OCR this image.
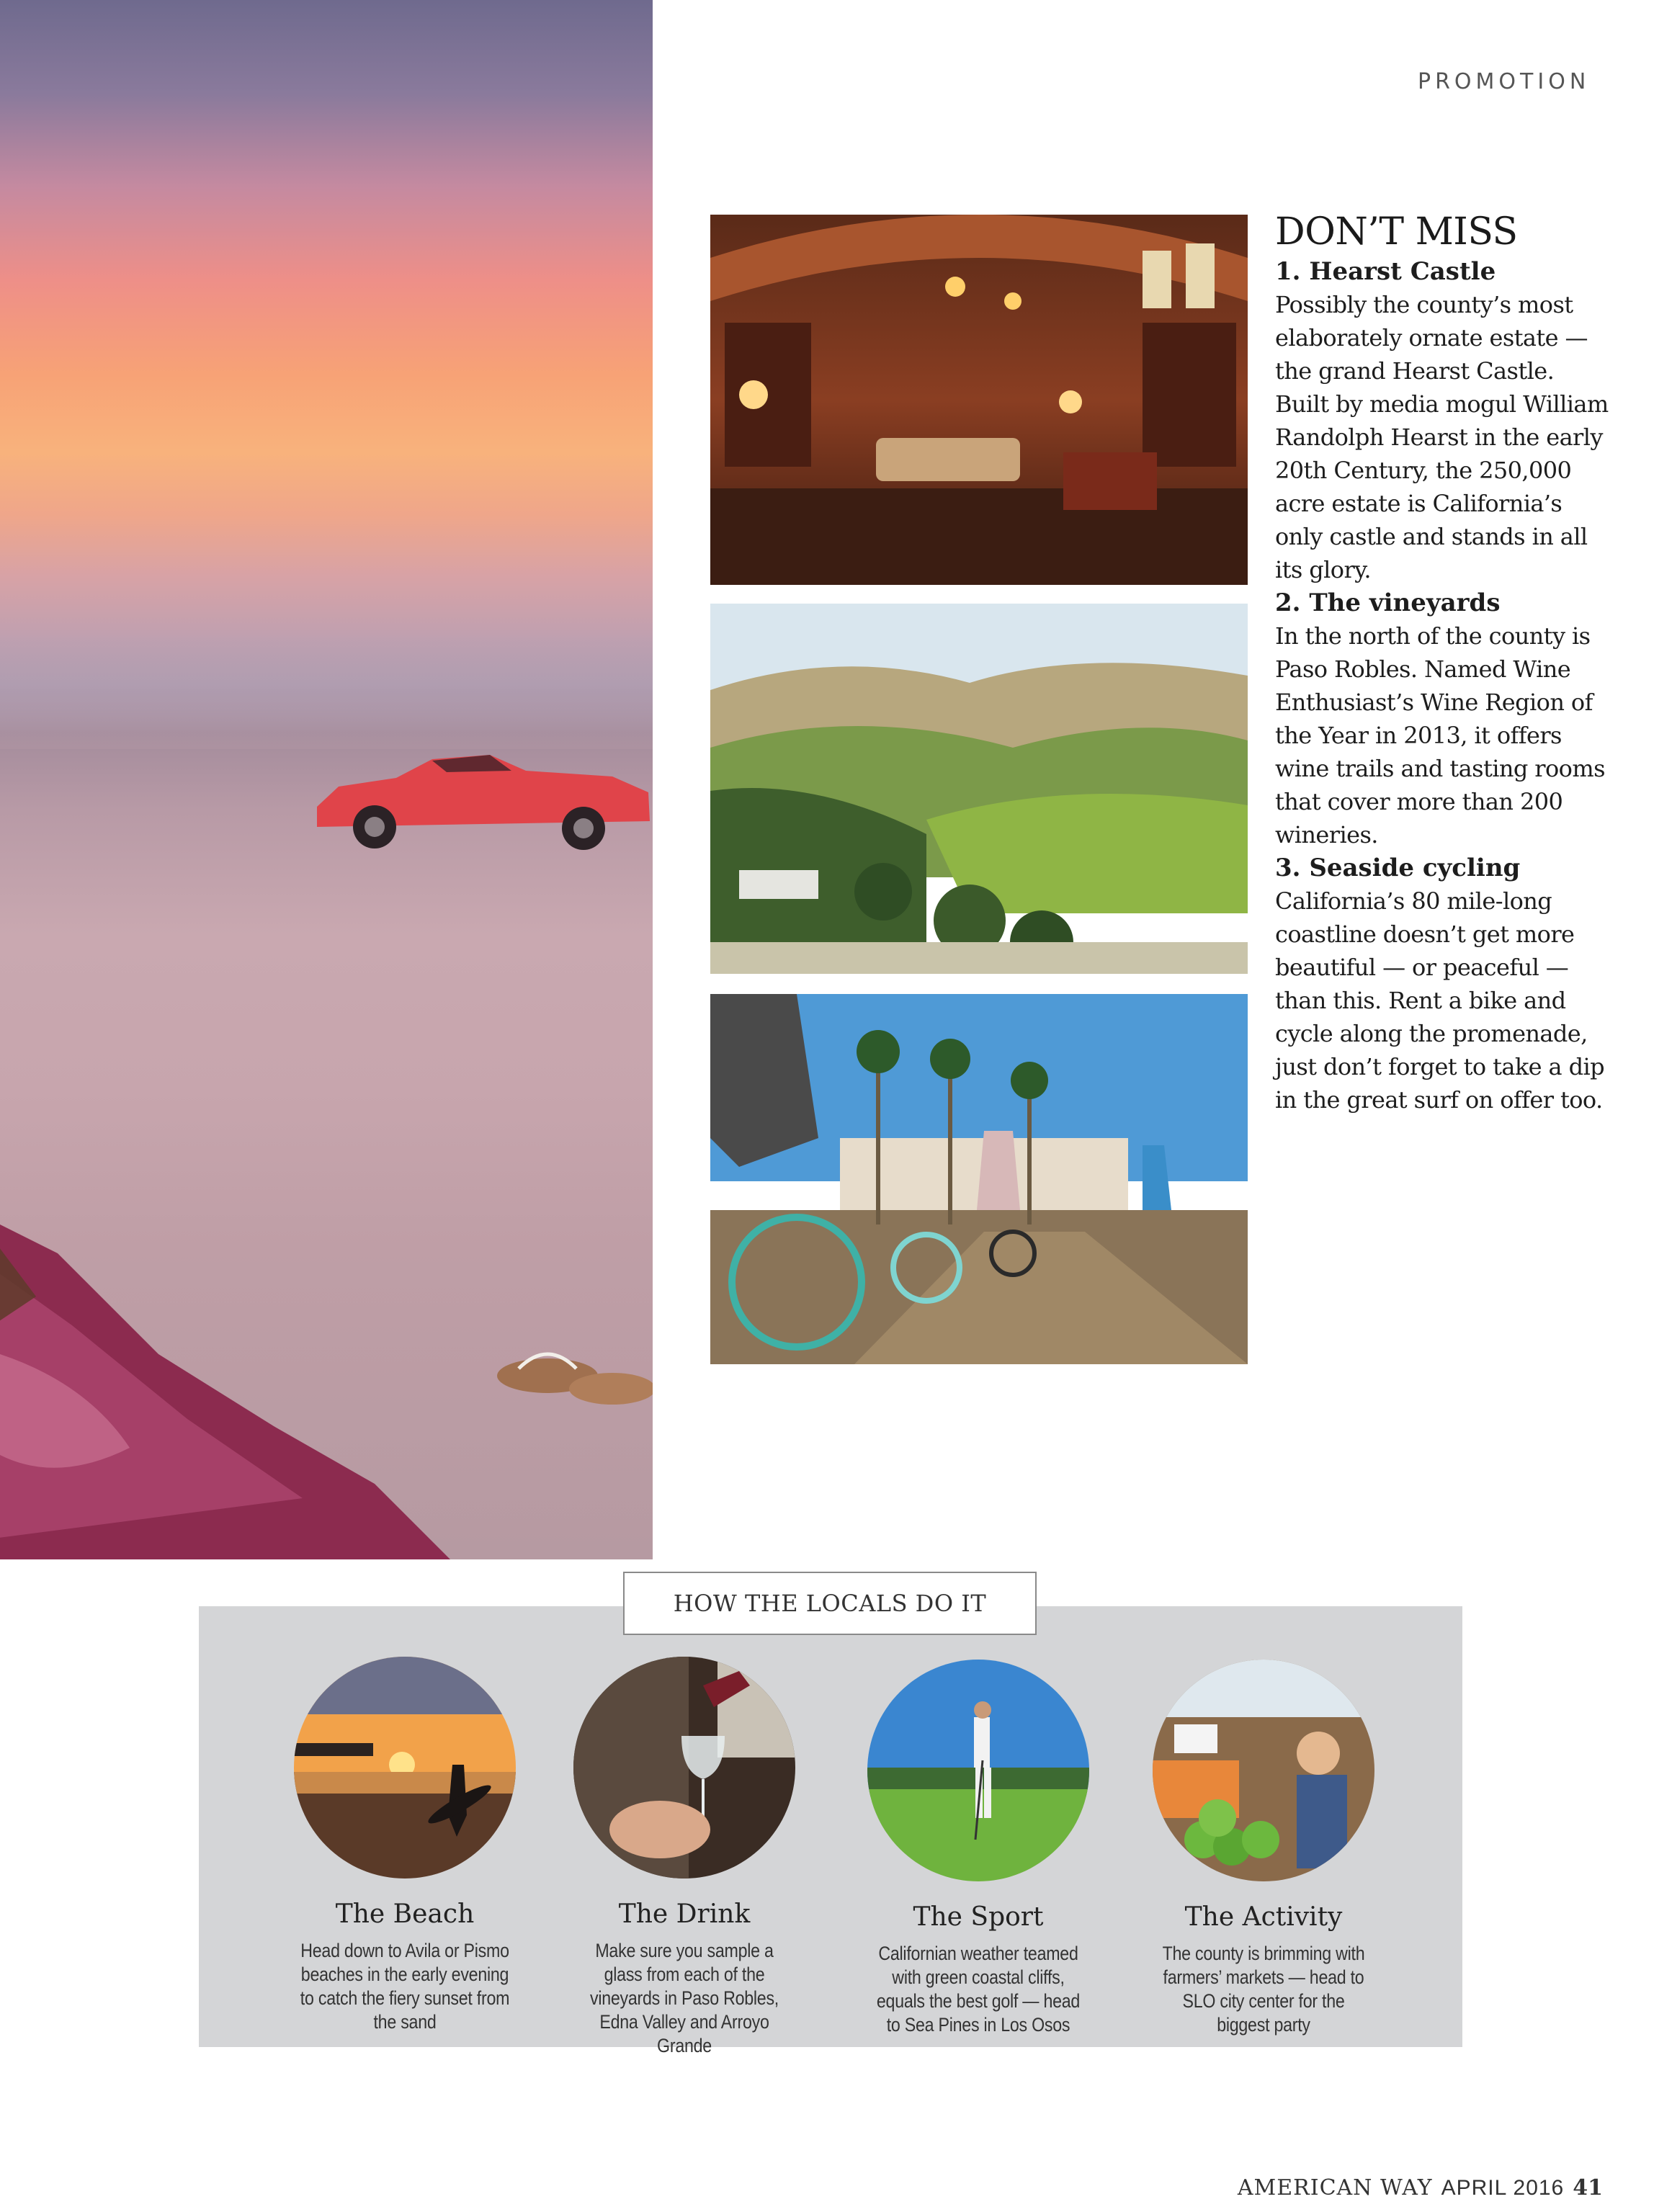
PROMOTION
DON’T MISS
1. Hearst Castle
Possibly the county’s most elaborately ornate estate — the grand Hearst Castle. Built by media mogul William Randolph Hearst in the early 20th Century, the 250,000 acre estate is California’s only castle and stands in all its glory.
2. The vineyards
In the north of the county is Paso Robles. Named Wine Enthusiast’s Wine Region of the Year in 2013, it offers wine trails and tasting rooms that cover more than 200 wineries.
3. Seaside cycling
California’s 80 mile-long coastline doesn’t get more beautiful — or peaceful — than this. Rent a bike and cycle along the promenade, just don’t forget to take a dip in the great surf on offer too.
HOW THE LOCALS DO IT
The Beach
Head down to Avila or Pismo beaches in the early evening to catch the fiery sunset from the sand
The Drink
Make sure you sample a glass from each of the vineyards in Paso Robles, Edna Valley and Arroyo Grande
The Sport
Californian weather teamed with green coastal cliffs, equals the best golf — head to Sea Pines in Los Osos
The Activity
The county is brimming with farmers’ markets — head to SLO city center for the biggest party
AMERICAN WAY APRIL 2016 41
